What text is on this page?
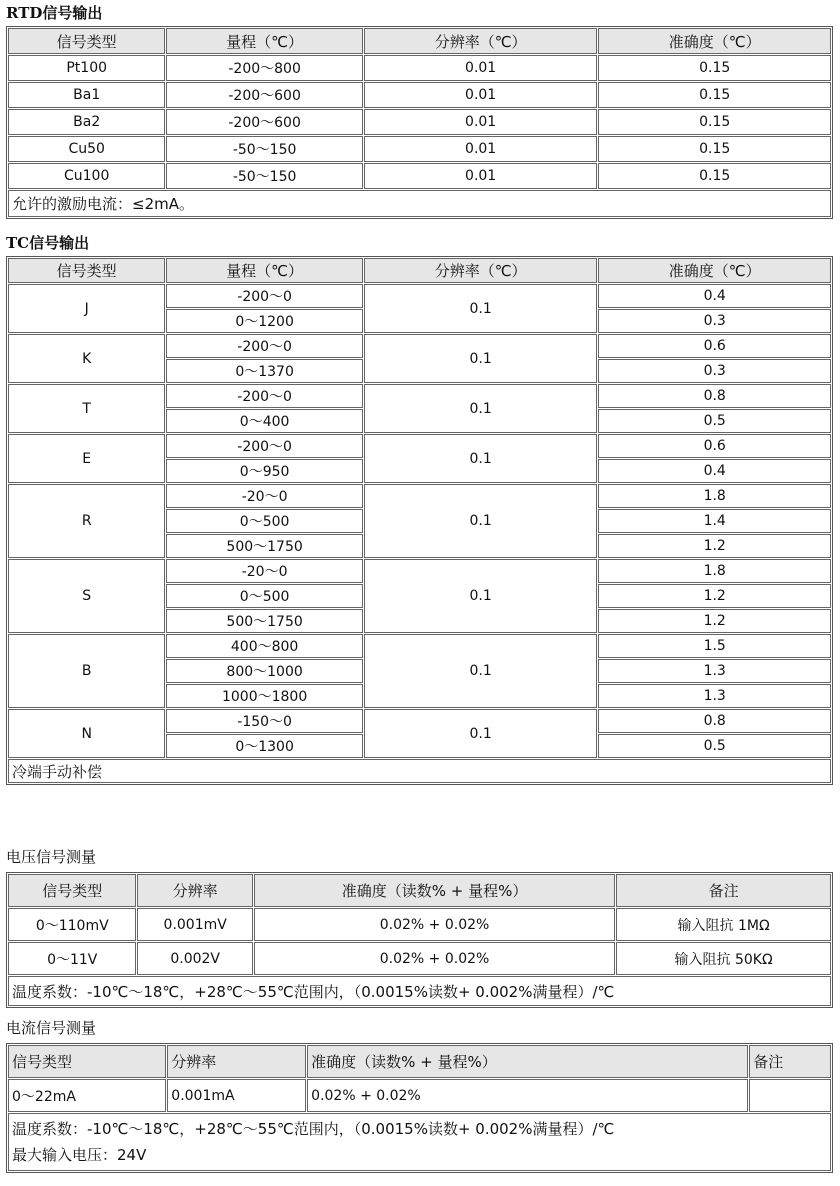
RTD信号输出
信号类型	量程（℃）	分辨率（℃）	准确度（℃）
Pt100	-200～800	0.01	0.15
Ba1	-200～600	0.01	0.15
Ba2	-200～600	0.01	0.15
Cu50	-50～150	0.01	0.15
Cu100	-50～150	0.01	0.15
允许的激励电流：≤2mA。			
TC信号输出
信号类型	量程（℃）	分辨率（℃）	准确度（℃）
J	-200～0	0.1	0.4
	0～1200		0.3
K	-200～0	0.1	0.6
	0～1370		0.3
T	-200～0	0.1	0.8
	0～400		0.5
E	-200～0	0.1	0.6
	0～950		0.4
R	-20～0	0.1	1.8
	0～500		1.4
	500～1750		1.2
S	-20～0	0.1	1.8
	0～500		1.2
	500～1750		1.2
B	400～800	0.1	1.5
	800～1000		1.3
	1000～1800		1.3
N	-150～0	0.1	0.8
	0～1300		0.5
冷端手动补偿			
电压信号测量
信号类型	分辨率	准确度（读数% + 量程%）	备注
0～110mV	0.001mV	0.02% + 0.02%	输入阻抗 1MΩ
0～11V	0.002V	0.02% + 0.02%	输入阻抗 50KΩ
温度系数：-10℃～18℃，+28℃～55℃范围内，（0.0015%读数+ 0.002%满量程）/℃			
电流信号测量
信号类型	分辨率	准确度（读数% + 量程%）	备注
0～22mA	0.001mA	0.02% + 0.02%	

温度系数：-10℃～18℃，+28℃～55℃范围内，（0.0015%读数+ 0.002%满量程）/℃
最大输入电压：24V			
